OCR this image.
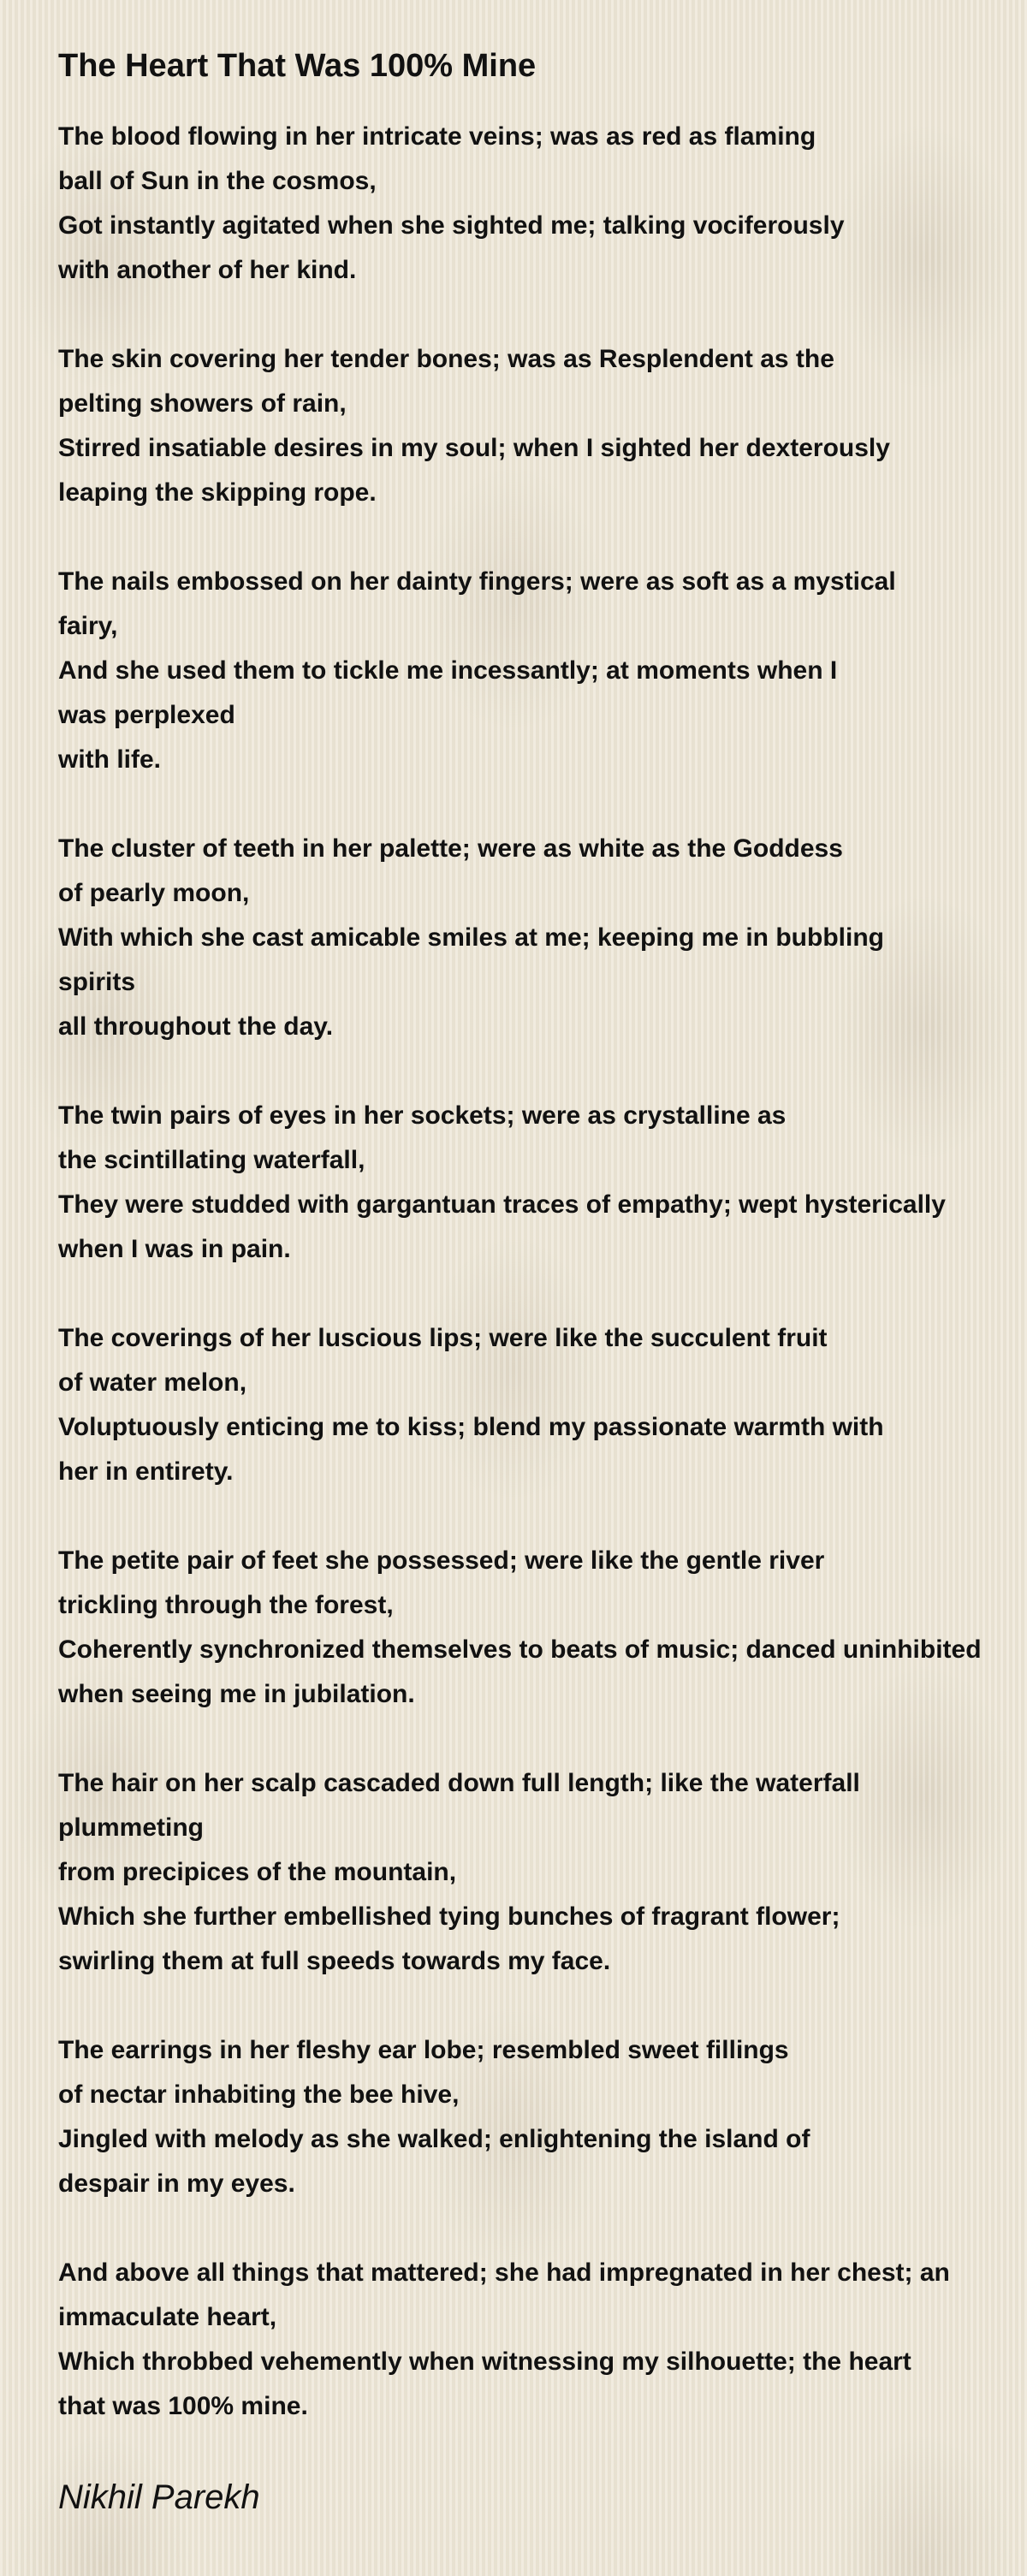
The Heart That Was 100% Mine
The blood flowing in her intricate veins; was as red as flaming
ball of Sun in the cosmos,
Got instantly agitated when she sighted me; talking vociferously
with another of her kind.
The skin covering her tender bones; was as Resplendent as the
pelting showers of rain,
Stirred insatiable desires in my soul; when I sighted her dexterously
leaping the skipping rope.
The nails embossed on her dainty fingers; were as soft as a mystical
fairy,
And she used them to tickle me incessantly; at moments when I
was perplexed
with life.
The cluster of teeth in her palette; were as white as the Goddess
of pearly moon,
With which she cast amicable smiles at me; keeping me in bubbling
spirits
all throughout the day.
The twin pairs of eyes in her sockets; were as crystalline as
the scintillating waterfall,
They were studded with gargantuan traces of empathy; wept hysterically
when I was in pain.
The coverings of her luscious lips; were like the succulent fruit
of water melon,
Voluptuously enticing me to kiss; blend my passionate warmth with
her in entirety.
The petite pair of feet she possessed; were like the gentle river
trickling through the forest,
Coherently synchronized themselves to beats of music; danced uninhibited
when seeing me in jubilation.
The hair on her scalp cascaded down full length; like the waterfall
plummeting
from precipices of the mountain,
Which she further embellished tying bunches of fragrant flower;
swirling them at full speeds towards my face.
The earrings in her fleshy ear lobe; resembled sweet fillings
of nectar inhabiting the bee hive,
Jingled with melody as she walked; enlightening the island of
despair in my eyes.
And above all things that mattered; she had impregnated in her chest; an
immaculate heart,
Which throbbed vehemently when witnessing my silhouette; the heart
that was 100% mine.
Nikhil Parekh
